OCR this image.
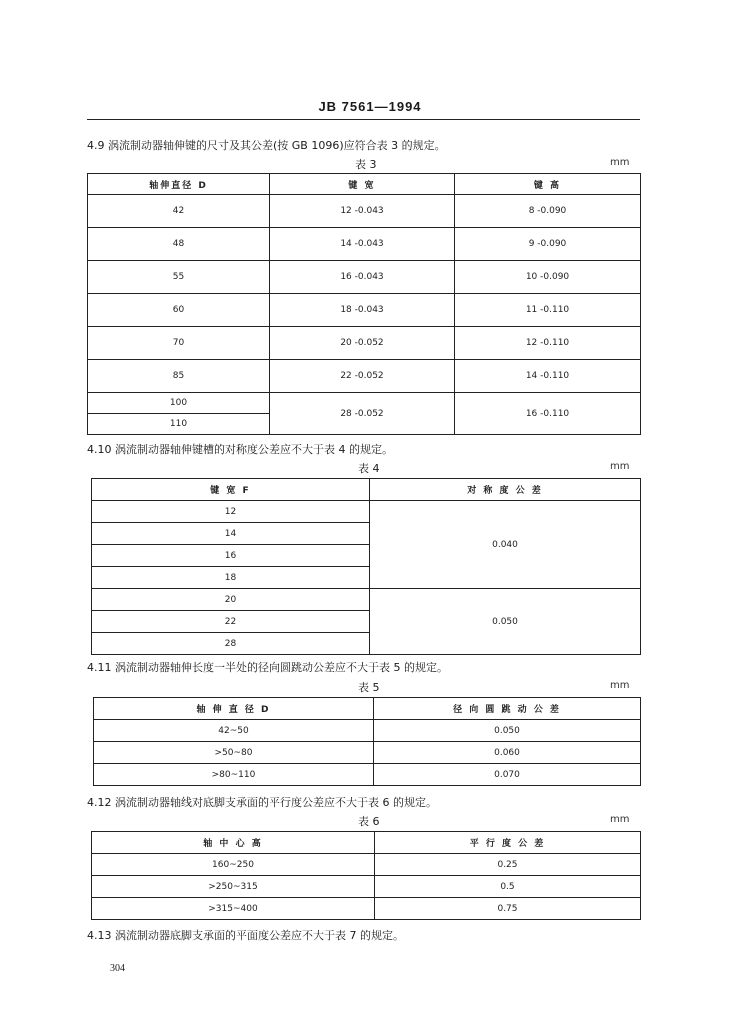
JB 7561—1994
4.9 涡流制动器轴伸键的尺寸及其公差(按 GB 1096)应符合表 3 的规定。
表 3	mm
轴伸直径 D	键 宽	键 高
42	12 -0.043	8 -0.090
48	14 -0.043	9 -0.090
55	16 -0.043	10 -0.090
60	18 -0.043	11 -0.110
70	20 -0.052	12 -0.110
85	22 -0.052	14 -0.110
100	28 -0.052	16 -0.110
110		
4.10 涡流制动器轴伸键槽的对称度公差应不大于表 4 的规定。
表 4	mm
键 宽 F	对 称 度 公 差
12	0.040
14	
16	
18	
20	0.050
22	
28	
4.11 涡流制动器轴伸长度一半处的径向圆跳动公差应不大于表 5 的规定。
表 5	mm
轴 伸 直 径 D	径 向 圆 跳 动 公 差
42~50	0.050
>50~80	0.060
>80~110	0.070
4.12 涡流制动器轴线对底脚支承面的平行度公差应不大于表 6 的规定。
表 6	mm
轴 中 心 高	平 行 度 公 差
160~250	0.25
>250~315	0.5
>315~400	0.75
4.13 涡流制动器底脚支承面的平面度公差应不大于表 7 的规定。
304
